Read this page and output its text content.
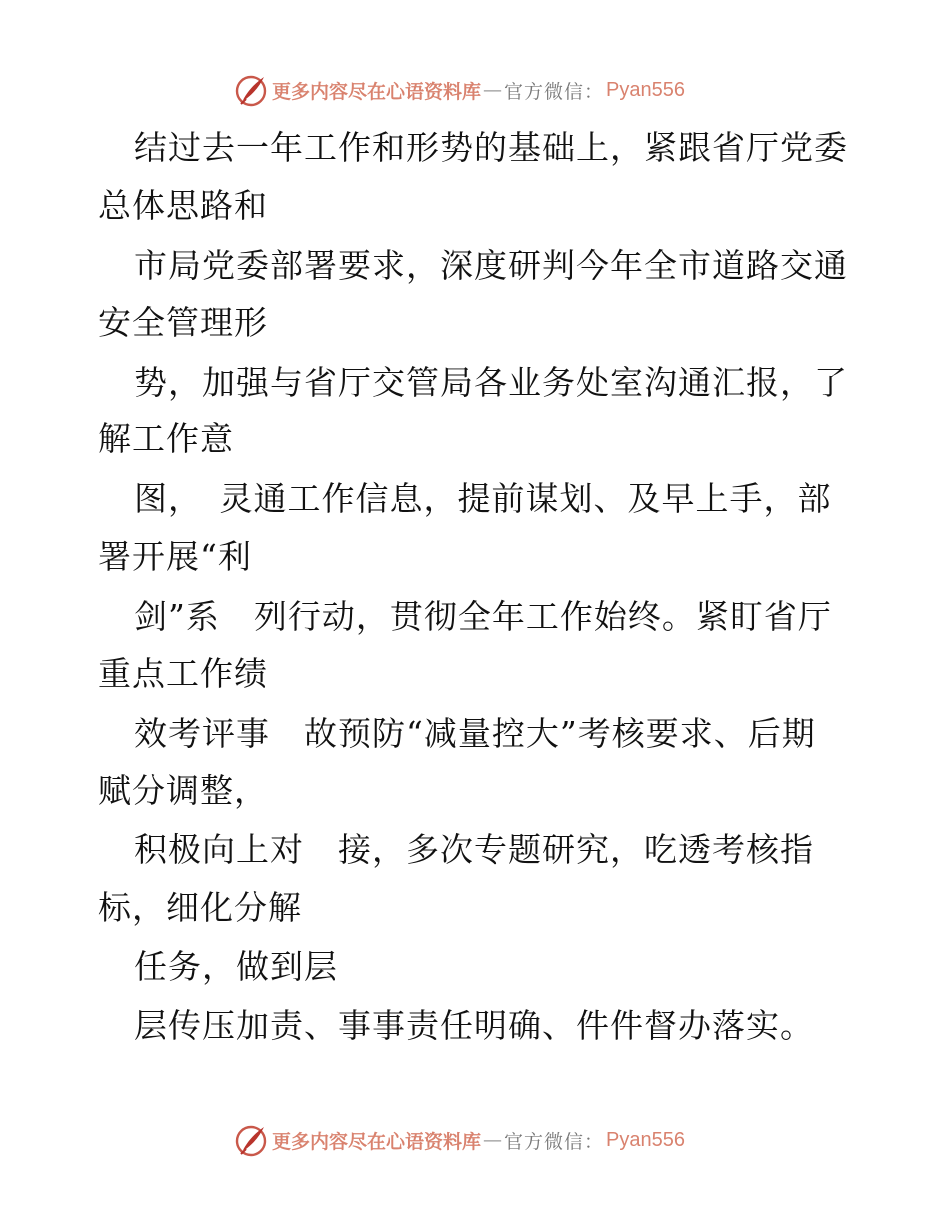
更多内容尽在心语资料库 — 官方微信： Pyan556
　结过去一年工作和形势的基础上，紧跟省厅党委
总体思路和
　市局党委部署要求，深度研判今年全市道路交通
安全管理形
　势，加强与省厅交管局各业务处室沟通汇报，了
解工作意
　图，　灵通工作信息，提前谋划、及早上手，部
署开展“利
　剑”系　列行动，贯彻全年工作始终。紧盯省厅
重点工作绩
　效考评事　故预防“减量控大”考核要求、后期
赋分调整，
　积极向上对　接，多次专题研究，吃透考核指
标，细化分解
　任务，做到层
　层传压加责、事事责任明确、件件督办落实。
更多内容尽在心语资料库 — 官方微信： Pyan556
